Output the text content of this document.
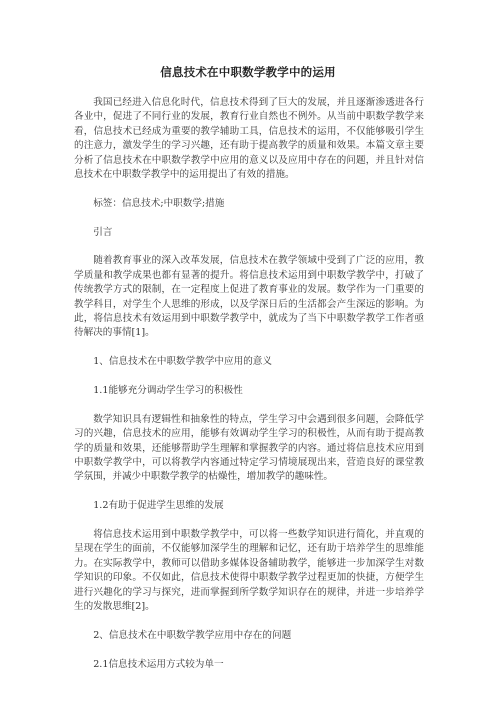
信息技术在中职数学教学中的运用

我国已经进入信息化时代，信息技术得到了巨大的发展，并且逐渐渗透进各行各业中，促进了不同行业的发展，教育行业自然也不例外。从当前中职数学教学来看，信息技术已经成为重要的教学辅助工具，信息技术的运用，不仅能够吸引学生的注意力，激发学生的学习兴趣，还有助于提高教学的质量和效果。本篇文章主要分析了信息技术在中职数学教学中应用的意义以及应用中存在的问题，并且针对信息技术在中职数学教学中的运用提出了有效的措施。

标签：信息技术;中职数学;措施

引言

随着教育事业的深入改革发展，信息技术在教学领域中受到了广泛的应用，教学质量和教学成果也都有显著的提升。将信息技术运用到中职数学教学中，打破了传统教学方式的限制，在一定程度上促进了教育事业的发展。数学作为一门重要的教学科目，对学生个人思维的形成，以及学深日后的生活都会产生深远的影响。为此，将信息技术有效运用到中职数学教学中，就成为了当下中职数学教学工作者亟待解决的事情[1]。

1、信息技术在中职数学教学中应用的意义

1.1能够充分调动学生学习的积极性

数学知识具有逻辑性和抽象性的特点，学生学习中会遇到很多问题，会降低学习的兴趣，信息技术的应用，能够有效调动学生学习的积极性，从而有助于提高教学的质量和效果，还能够帮助学生理解和掌握教学的内容。通过将信息技术应用到中职数学教学中，可以将教学内容通过特定学习情境展现出来，营造良好的课堂教学氛围，并减少中职数学教学的枯燥性，增加教学的趣味性。

1.2有助于促进学生思维的发展

将信息技术运用到中职数学教学中，可以将一些数学知识进行简化，并直观的呈现在学生的面前，不仅能够加深学生的理解和记忆，还有助于培养学生的思维能力。在实际教学中，教师可以借助多媒体设备辅助教学，能够进一步加深学生对数学知识的印象。不仅如此，信息技术使得中职数学教学过程更加的快捷，方便学生进行兴趣化的学习与探究，进而掌握到所学数学知识存在的规律，并进一步培养学生的发散思维[2]。

2、信息技术在中职数学教学应用中存在的问题

2.1信息技术运用方式较为单一
